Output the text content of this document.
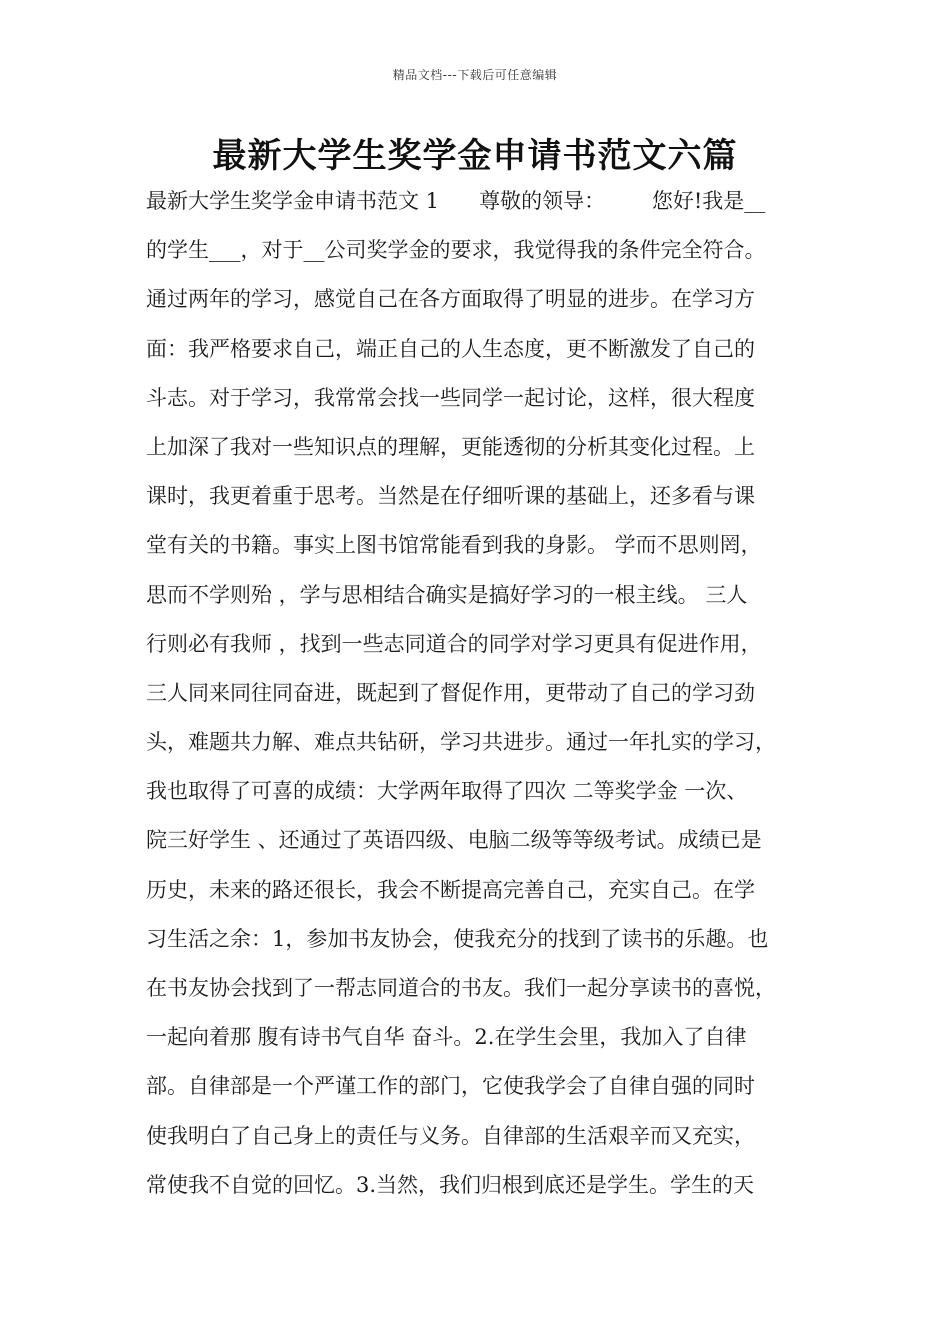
精品文档---下载后可任意编辑
最新大学生奖学金申请书范文六篇
最新大学生奖学金申请书范文 1      尊敬的领导：       您好!我是__
的学生___，对于__公司奖学金的要求，我觉得我的条件完全符合。
通过两年的学习，感觉自己在各方面取得了明显的进步。在学习方
面：我严格要求自己，端正自己的人生态度，更不断激发了自己的
斗志。对于学习，我常常会找一些同学一起讨论，这样，很大程度
上加深了我对一些知识点的理解，更能透彻的分析其变化过程。上
课时，我更着重于思考。当然是在仔细听课的基础上，还多看与课
堂有关的书籍。事实上图书馆常能看到我的身影。 学而不思则罔，
思而不学则殆 ，学与思相结合确实是搞好学习的一根主线。 三人
行则必有我师 ，找到一些志同道合的同学对学习更具有促进作用，
三人同来同往同奋进，既起到了督促作用，更带动了自己的学习劲
头，难题共力解、难点共钻研，学习共进步。通过一年扎实的学习，
我也取得了可喜的成绩：大学两年取得了四次 二等奖学金 一次、
院三好学生 、还通过了英语四级、电脑二级等等级考试。成绩已是
历史，未来的路还很长，我会不断提高完善自己，充实自己。在学
习生活之余：1，参加书友协会，使我充分的找到了读书的乐趣。也
在书友协会找到了一帮志同道合的书友。我们一起分享读书的喜悦，
一起向着那 腹有诗书气自华 奋斗。2.在学生会里，我加入了自律
部。自律部是一个严谨工作的部门，它使我学会了自律自强的同时
使我明白了自己身上的责任与义务。自律部的生活艰辛而又充实，
常使我不自觉的回忆。3.当然，我们归根到底还是学生。学生的天
